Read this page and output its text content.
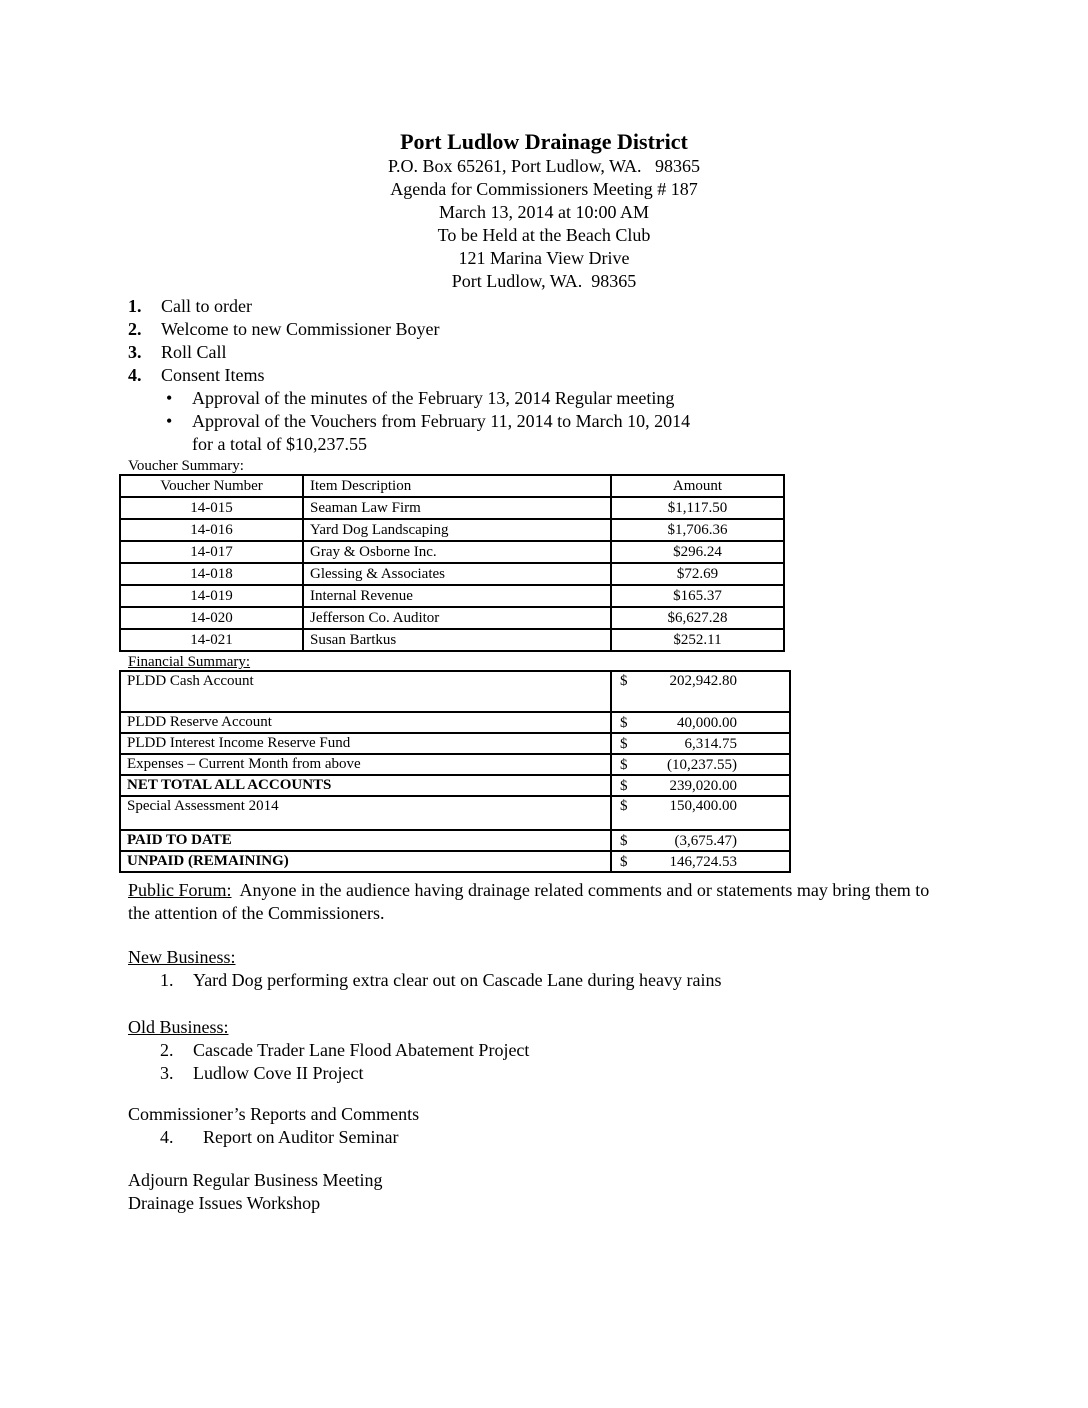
Port Ludlow Drainage District
P.O. Box 65261, Port Ludlow, WA.   98365
Agenda for Commissioners Meeting # 187
March 13, 2014 at 10:00 AM
To be Held at the Beach Club
121 Marina View Drive
Port Ludlow, WA.  98365
1.	Call to order
2.	Welcome to new Commissioner Boyer
3.	Roll Call
4.	Consent Items
•	Approval of the minutes of the February 13, 2014 Regular meeting
•	Approval of the Vouchers from February 11, 2014 to March 10, 2014
for a total of $10,237.55
Voucher Summary:
Voucher Number	Item Description	Amount
14-015	Seaman Law Firm	$1,117.50
14-016	Yard Dog Landscaping	$1,706.36
14-017	Gray & Osborne Inc.	$296.24
14-018	Glessing & Associates	$72.69
14-019	Internal Revenue	$165.37
14-020	Jefferson Co. Auditor	$6,627.28
14-021	Susan Bartkus	$252.11
Financial Summary:
PLDD Cash Account	$ 202,942.80

PLDD Reserve Account	$ 40,000.00

PLDD Interest Income Reserve Fund	$ 6,314.75

Expenses – Current Month from above	$ (10,237.55)

NET TOTAL ALL ACCOUNTS	$ 239,020.00

Special Assessment 2014	$ 150,400.00

PAID TO DATE	$ (3,675.47)

UNPAID (REMAINING)	$ 146,724.53
Public Forum:  Anyone in the audience having drainage related comments and or statements may bring them to the attention of the Commissioners.
New Business:
1.	Yard Dog performing extra clear out on Cascade Lane during heavy rains
Old Business:
2.	Cascade Trader Lane Flood Abatement Project
3.	Ludlow Cove II Project
Commissioner’s Reports and Comments
4.	Report on Auditor Seminar
Adjourn Regular Business Meeting
Drainage Issues Workshop
